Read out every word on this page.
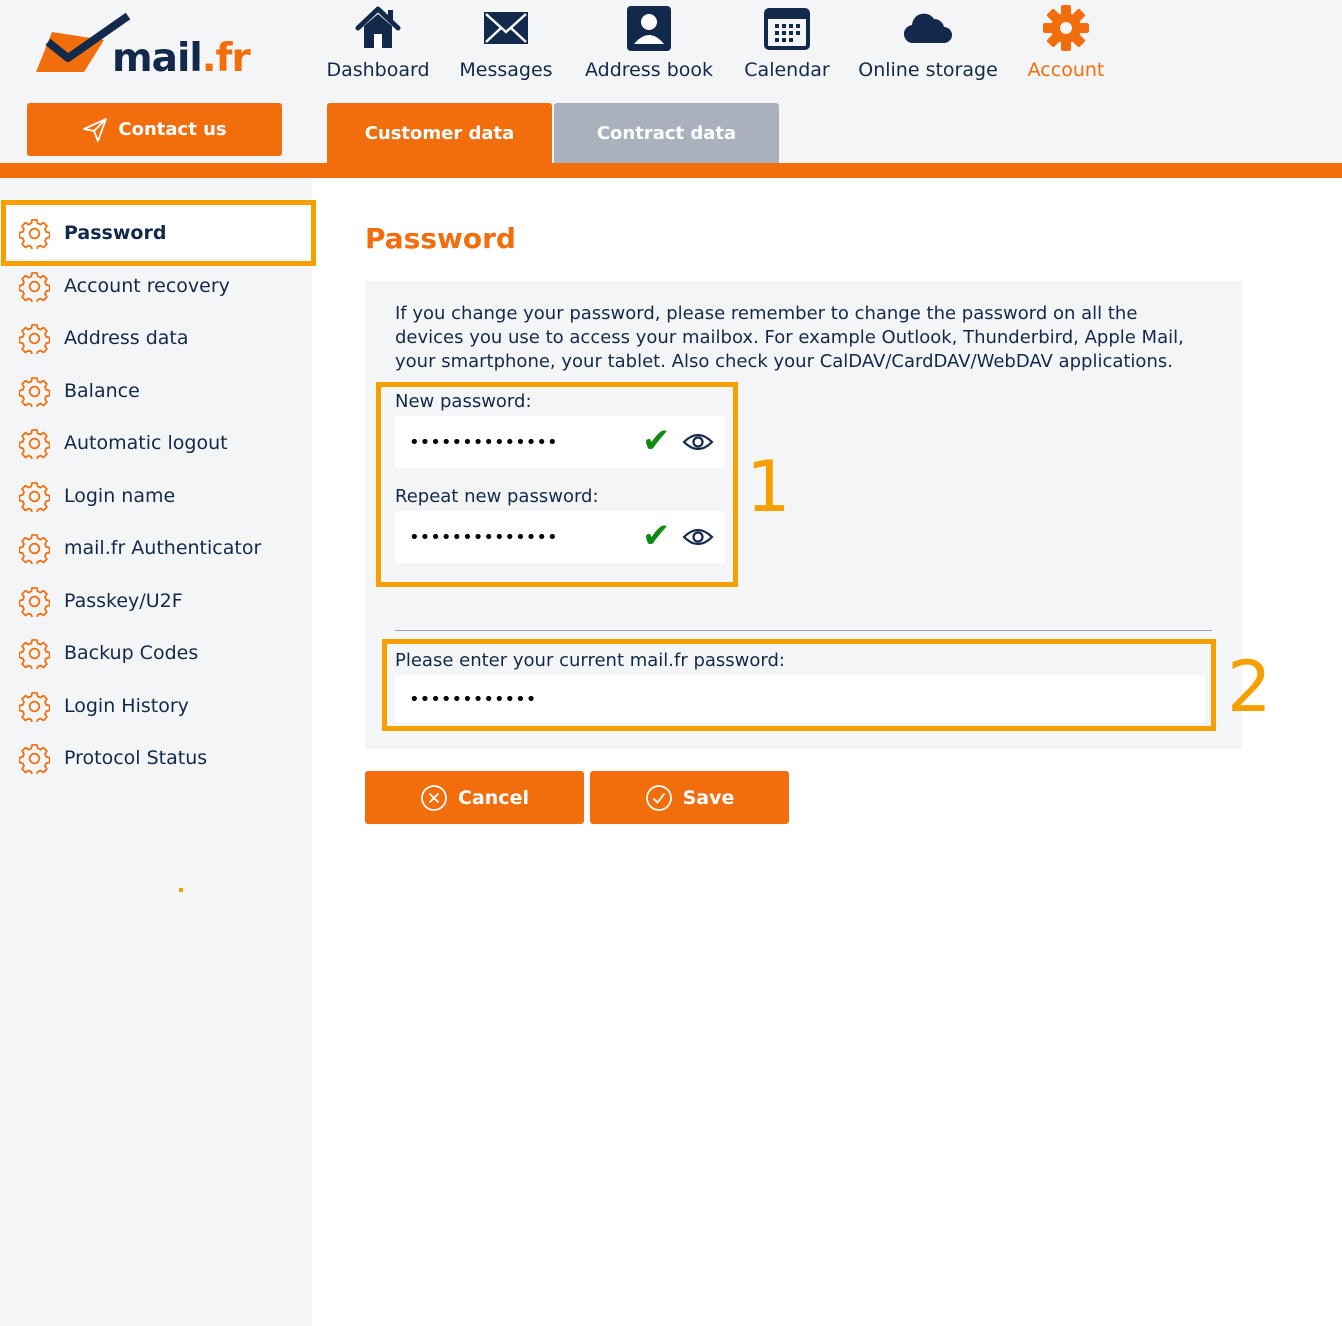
mail.fr
Contact us
Dashboard Messages Address book Calendar Online storage Account
Customer data	Contract data
Password
Account recovery
Address data
Balance
Automatic logout
Login name
mail.fr Authenticator
Passkey/U2F
Backup Codes
Login History
Protocol Status
Password
If you change your password, please remember to change the password on all the
devices you use to access your mailbox. For example Outlook, Thunderbird, Apple Mail,
your smartphone, your tablet. Also check your CalDAV/CardDAV/WebDAV applications.
New password:
••••••••••••••
✔
Repeat new password:
••••••••••••••
✔
1
Please enter your current mail.fr password:
••••••••••••	2
Cancel	Save
